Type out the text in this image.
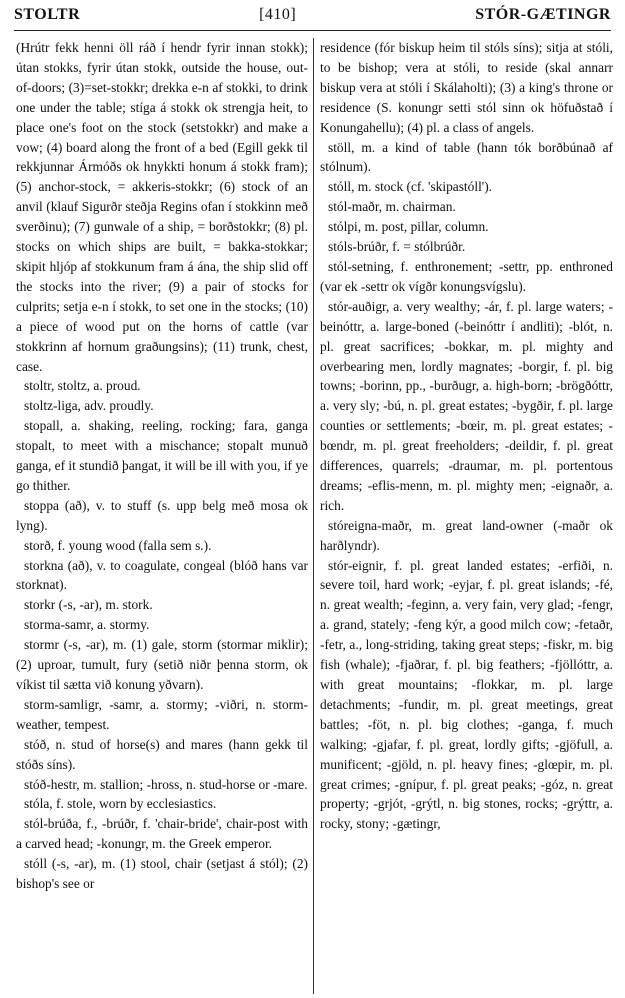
STOLTR	[410]	STÓR-GÆTINGR

(Hrútr fekk henni öll ráð í hendr fyrir innan stokk); útan stokks, fyrir útan stokk, outside the house, out-of-doors; (3)=set-stokkr; drekka e-n af stokki, to drink one under the table; stíga á stokk ok strengja heit, to place one's foot on the stock (setstokkr) and make a vow; (4) board along the front of a bed (Egill gekk til rekkjunnar Ármóðs ok hnykkti honum á stokk fram); (5) anchor-stock, = akkeris-stokkr; (6) stock of an anvil (klauf Sigurðr steðja Regins ofan í stokkinn með sverðinu); (7) gunwale of a ship, = borðstokkr; (8) pl. stocks on which ships are built, = bakka-stokkar; skipit hljóp af stokkunum fram á ána, the ship slid off the stocks into the river; (9) a pair of stocks for culprits; setja e-n í stokk, to set one in the stocks; (10) a piece of wood put on the horns of cattle (var stokkrinn af hornum graðungsins); (11) trunk, chest, case.

stoltr, stoltz, a. proud.

stoltz-liga, adv. proudly.

stopall, a. shaking, reeling, rocking; fara, ganga stopalt, to meet with a mischance; stopalt munuð ganga, ef it stundið þangat, it will be ill with you, if ye go thither.

stoppa (að), v. to stuff (s. upp belg með mosa ok lyng).

storð, f. young wood (falla sem s.).

storkna (að), v. to coagulate, congeal (blóð hans var storknat).

storkr (-s, -ar), m. stork.

storma-samr, a. stormy.

stormr (-s, -ar), m. (1) gale, storm (stormar miklir); (2) uproar, tumult, fury (setið niðr þenna storm, ok víkist til sætta við konung yðvarn).

storm-samligr, -samr, a. stormy; -viðri, n. storm-weather, tempest.

stóð, n. stud of horse(s) and mares (hann gekk til stóðs síns).

stóð-hestr, m. stallion; -hross, n. stud-horse or -mare.

stóla, f. stole, worn by ecclesiastics.

stól-brúða, f., -brúðr, f. 'chair-bride', chair-post with a carved head; -konungr, m. the Greek emperor.

stóll (-s, -ar), m. (1) stool, chair (setjast á stól); (2) bishop's see or

residence (fór biskup heim til stóls síns); sitja at stóli, to be bishop; vera at stóli, to reside (skal annarr biskup vera at stóli í Skálaholti); (3) a king's throne or residence (S. konungr setti stól sinn ok höfuðstað í Konungahellu); (4) pl. a class of angels.

stöll, m. a kind of table (hann tók borðbúnað af stólnum).

stóll, m. stock (cf. 'skipastóll').

stól-maðr, m. chairman.

stólpi, m. post, pillar, column.

stóls-brúðr, f. = stólbrúðr.

stól-setning, f. enthronement; -settr, pp. enthroned (var ek -settr ok vígðr konungsvígslu).

stór-auðigr, a. very wealthy; -ár, f. pl. large waters; -beinóttr, a. large-boned (-beinóttr í andliti); -blót, n. pl. great sacrifices; -bokkar, m. pl. mighty and overbearing men, lordly magnates; -borgir, f. pl. big towns; -borinn, pp., -burðugr, a. high-born; -brögðóttr, a. very sly; -bú, n. pl. great estates; -bygðir, f. pl. large counties or settlements; -bœir, m. pl. great estates; -bœndr, m. pl. great freeholders; -deildir, f. pl. great differences, quarrels; -draumar, m. pl. portentous dreams; -eflis-menn, m. pl. mighty men; -eignaðr, a. rich.

stóreigna-maðr, m. great land-owner (-maðr ok harðlyndr).

stór-eignir, f. pl. great landed estates; -erfiði, n. severe toil, hard work; -eyjar, f. pl. great islands; -fé, n. great wealth; -feginn, a. very fain, very glad; -fengr, a. grand, stately; -feng kýr, a good milch cow; -fetaðr, -fetr, a., long-striding, taking great steps; -fiskr, m. big fish (whale); -fjaðrar, f. pl. big feathers; -fjöllóttr, a. with great mountains; -flokkar, m. pl. large detachments; -fundir, m. pl. great meetings, great battles; -föt, n. pl. big clothes; -ganga, f. much walking; -gjafar, f. pl. great, lordly gifts; -gjöfull, a. munificent; -gjöld, n. pl. heavy fines; -glœpir, m. pl. great crimes; -gnípur, f. pl. great peaks; -góz, n. great property; -grjót, -grýtl, n. big stones, rocks; -grýttr, a. rocky, stony; -gætingr,
